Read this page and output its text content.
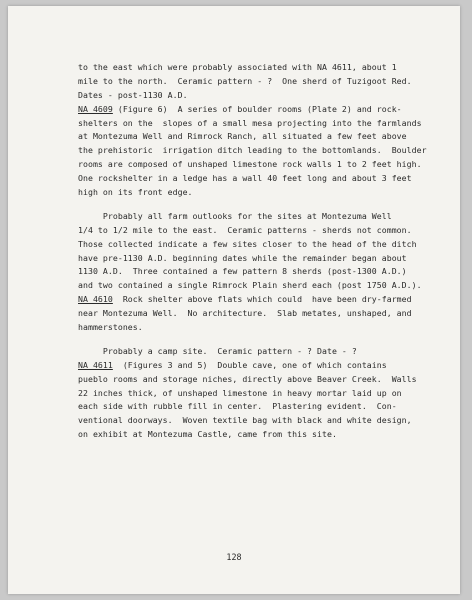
to the east which were probably associated with NA 4611, about 1
mile to the north.  Ceramic pattern - ?  One sherd of Tuzigoot Red.
Dates - post-1130 A.D.
NA 4609 (Figure 6)  A series of boulder rooms (Plate 2) and rock-
shelters on the  slopes of a small mesa projecting into the farmlands
at Montezuma Well and Rimrock Ranch, all situated a few feet above
the prehistoric  irrigation ditch leading to the bottomlands.  Boulder
rooms are composed of unshaped limestone rock walls 1 to 2 feet high.
One rockshelter in a ledge has a wall 40 feet long and about 3 feet
high on its front edge.
Probably all farm outlooks for the sites at Montezuma Well
1/4 to 1/2 mile to the east.  Ceramic patterns - sherds not common.
Those collected indicate a few sites closer to the head of the ditch
have pre-1130 A.D. beginning dates while the remainder began about
1130 A.D.  Three contained a few pattern 8 sherds (post-1300 A.D.)
and two contained a single Rimrock Plain sherd each (post 1750 A.D.).
NA 4610  Rock shelter above flats which could  have been dry-farmed
near Montezuma Well.  No architecture.  Slab metates, unshaped, and
hammerstones.
Probably a camp site.  Ceramic pattern - ? Date - ?
NA 4611  (Figures 3 and 5)  Double cave, one of which contains
pueblo rooms and storage niches, directly above Beaver Creek.  Walls
22 inches thick, of unshaped limestone in heavy mortar laid up on
each side with rubble fill in center.  Plastering evident.  Con-
ventional doorways.  Woven textile bag with black and white design,
on exhibit at Montezuma Castle, came from this site.
128
